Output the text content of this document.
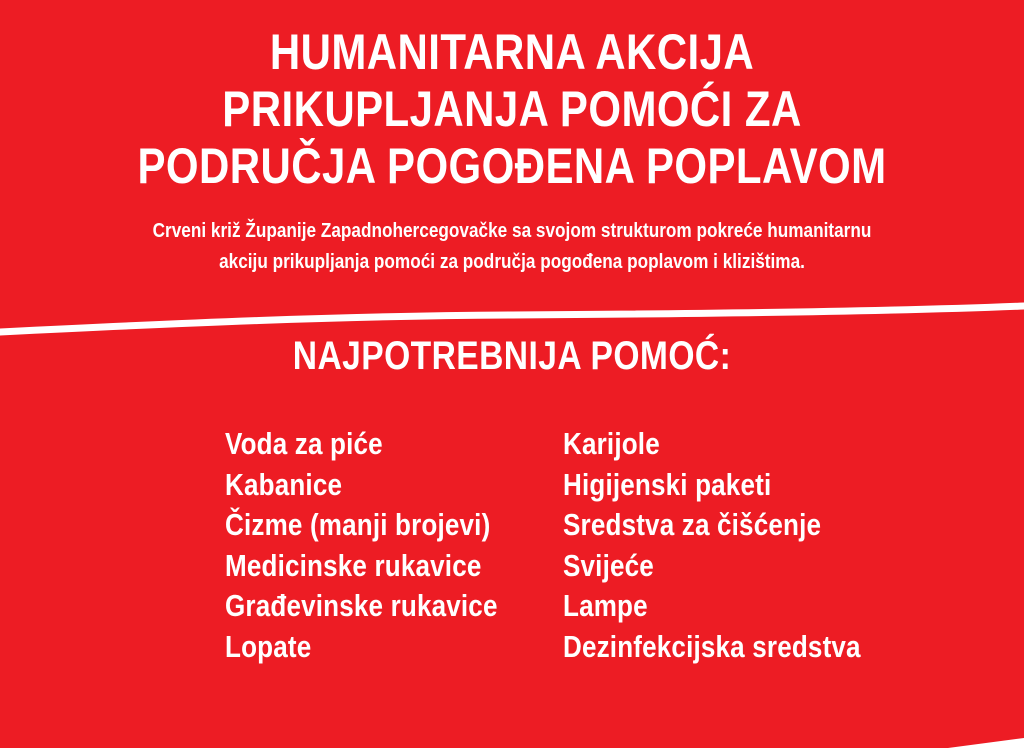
HUMANITARNA AKCIJA
PRIKUPLJANJA POMOĆI ZA
PODRUČJA POGOĐENA POPLAVOM
Crveni križ Županije Zapadnohercegovačke sa svojom strukturom pokreće humanitarnu
akciju prikupljanja pomoći za područja pogođena poplavom i klizištima.
NAJPOTREBNIJA POMOĆ:
Voda za piće
Kabanice
Čizme (manji brojevi)
Medicinske rukavice
Građevinske rukavice
Lopate
Karijole
Higijenski paketi
Sredstva za čišćenje
Svijeće
Lampe
Dezinfekcijska sredstva
